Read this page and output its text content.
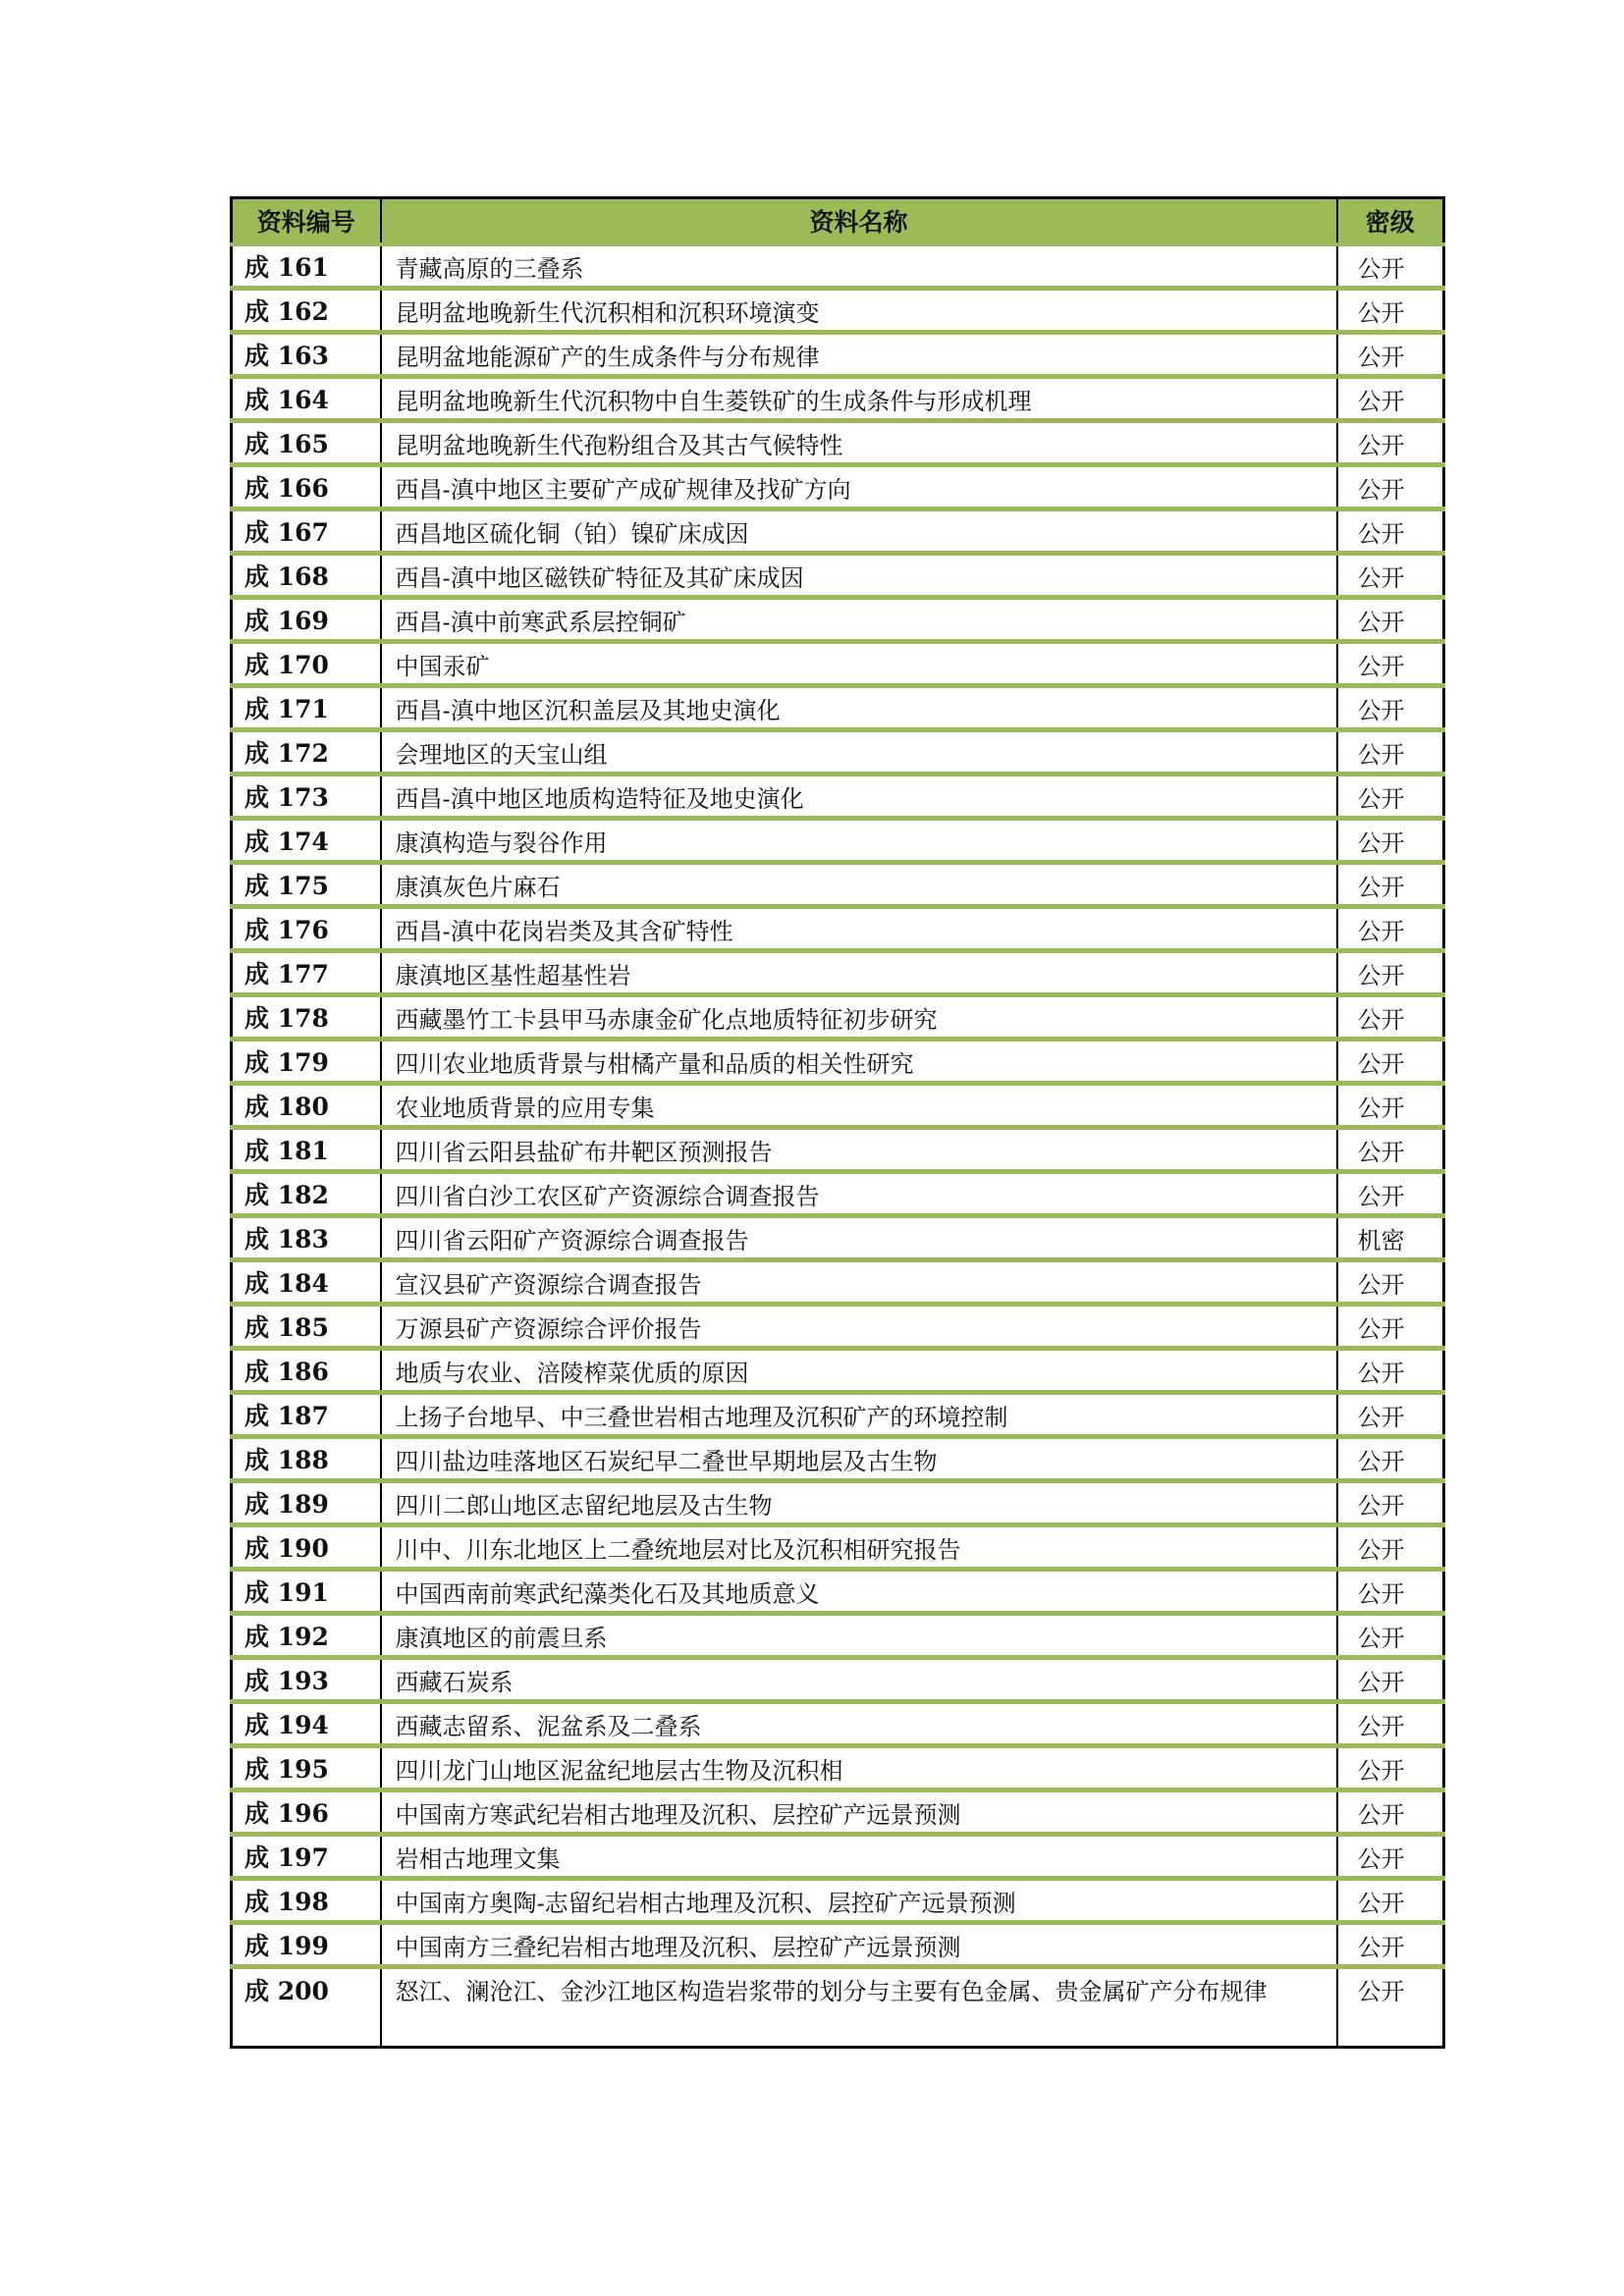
资料编号	资料名称	密级
成 161	青藏高原的三叠系	公开
成 162	昆明盆地晚新生代沉积相和沉积环境演变	公开
成 163	昆明盆地能源矿产的生成条件与分布规律	公开
成 164	昆明盆地晚新生代沉积物中自生菱铁矿的生成条件与形成机理	公开
成 165	昆明盆地晚新生代孢粉组合及其古气候特性	公开
成 166	西昌-滇中地区主要矿产成矿规律及找矿方向	公开
成 167	西昌地区硫化铜（铂）镍矿床成因	公开
成 168	西昌-滇中地区磁铁矿特征及其矿床成因	公开
成 169	西昌-滇中前寒武系层控铜矿	公开
成 170	中国汞矿	公开
成 171	西昌-滇中地区沉积盖层及其地史演化	公开
成 172	会理地区的天宝山组	公开
成 173	西昌-滇中地区地质构造特征及地史演化	公开
成 174	康滇构造与裂谷作用	公开
成 175	康滇灰色片麻石	公开
成 176	西昌-滇中花岗岩类及其含矿特性	公开
成 177	康滇地区基性超基性岩	公开
成 178	西藏墨竹工卡县甲马赤康金矿化点地质特征初步研究	公开
成 179	四川农业地质背景与柑橘产量和品质的相关性研究	公开
成 180	农业地质背景的应用专集	公开
成 181	四川省云阳县盐矿布井靶区预测报告	公开
成 182	四川省白沙工农区矿产资源综合调查报告	公开
成 183	四川省云阳矿产资源综合调查报告	机密
成 184	宣汉县矿产资源综合调查报告	公开
成 185	万源县矿产资源综合评价报告	公开
成 186	地质与农业、涪陵榨菜优质的原因	公开
成 187	上扬子台地早、中三叠世岩相古地理及沉积矿产的环境控制	公开
成 188	四川盐边哇落地区石炭纪早二叠世早期地层及古生物	公开
成 189	四川二郎山地区志留纪地层及古生物	公开
成 190	川中、川东北地区上二叠统地层对比及沉积相研究报告	公开
成 191	中国西南前寒武纪藻类化石及其地质意义	公开
成 192	康滇地区的前震旦系	公开
成 193	西藏石炭系	公开
成 194	西藏志留系、泥盆系及二叠系	公开
成 195	四川龙门山地区泥盆纪地层古生物及沉积相	公开
成 196	中国南方寒武纪岩相古地理及沉积、层控矿产远景预测	公开
成 197	岩相古地理文集	公开
成 198	中国南方奥陶-志留纪岩相古地理及沉积、层控矿产远景预测	公开
成 199	中国南方三叠纪岩相古地理及沉积、层控矿产远景预测	公开
成 200	怒江、澜沧江、金沙江地区构造岩浆带的划分与主要有色金属、贵金属矿产分布规律	公开
